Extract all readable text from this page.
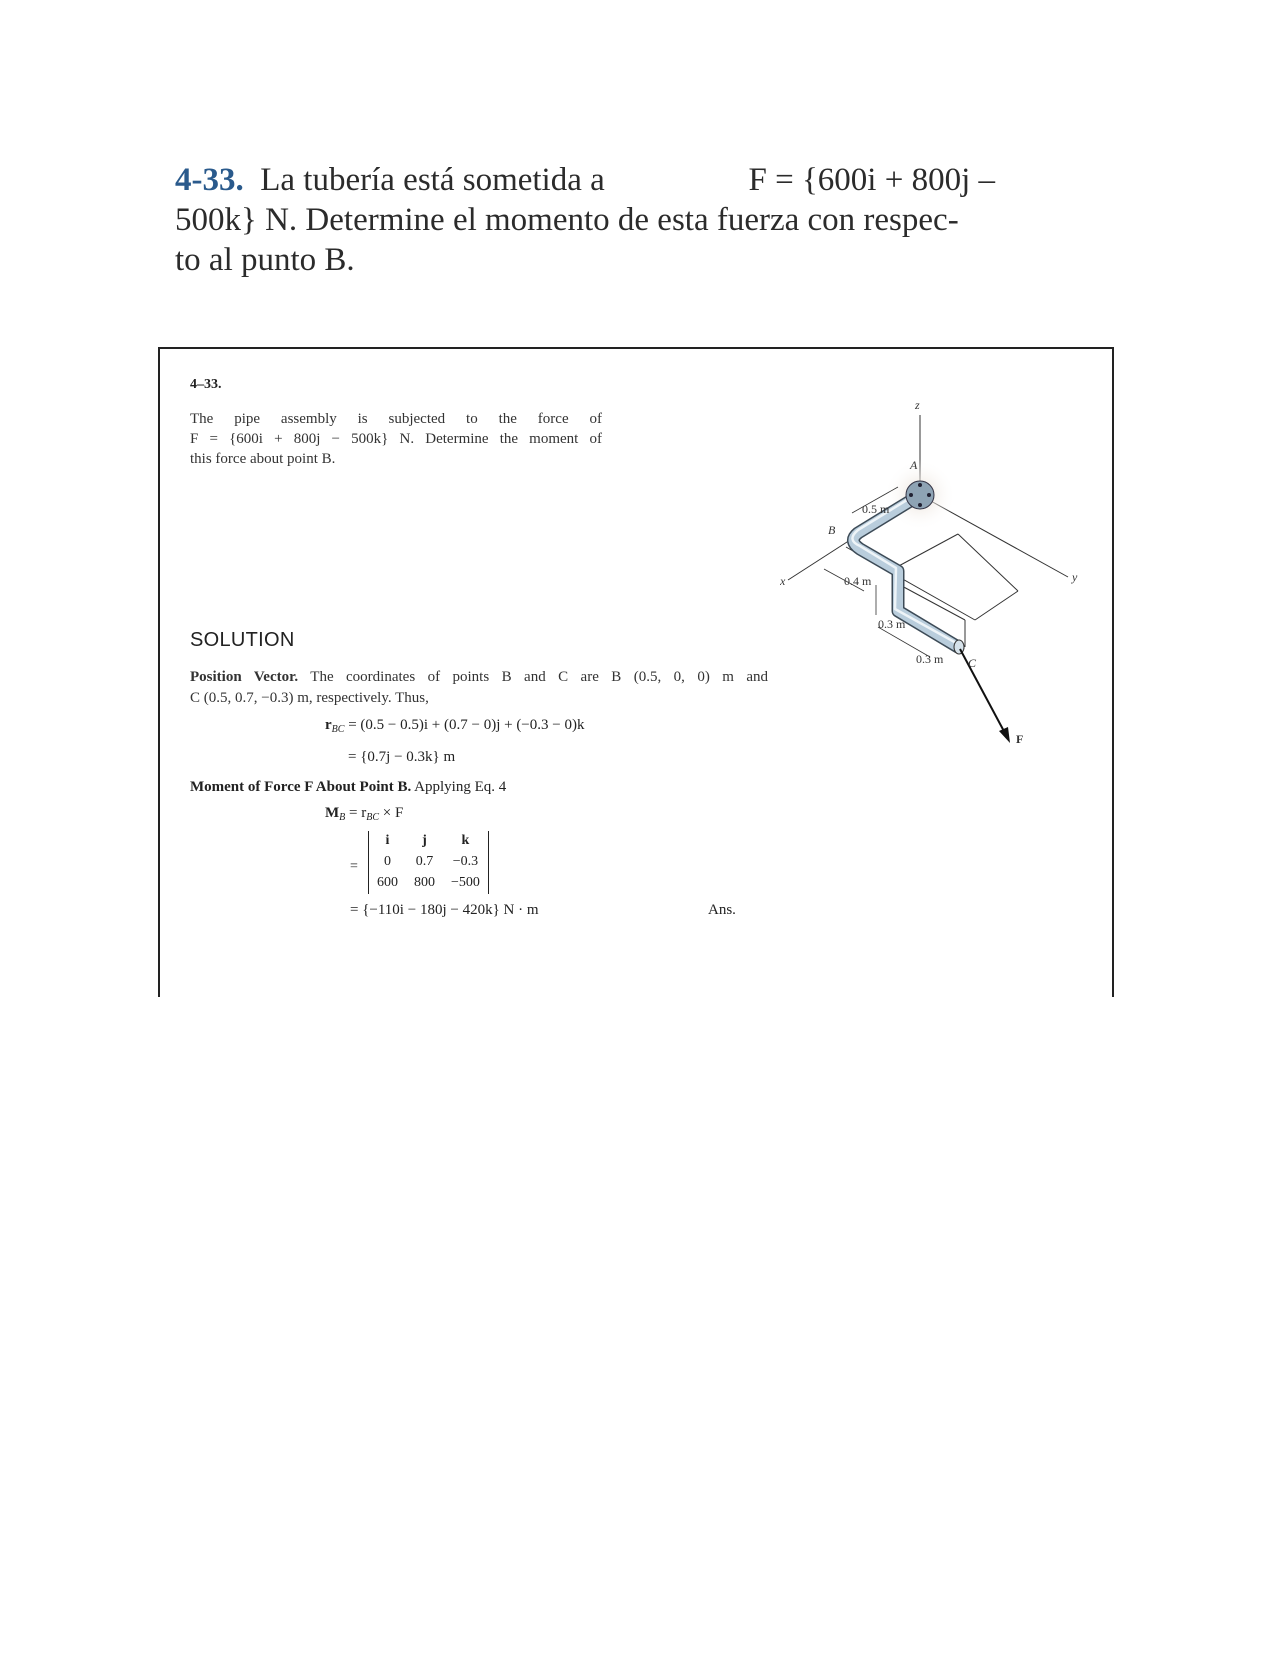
4-33. La tubería está sometida a	F = {600i + 800j –
500k} N. Determine el momento de esta fuerza con respec-
to al punto B.
4–33.
The pipe assembly is subjected to the force of
F = {600i + 800j − 500k} N. Determine the moment of
this force about point B.
SOLUTION
Position Vector. The coordinates of points B and C are B (0.5, 0, 0) m and
C (0.5, 0.7, −0.3) m, respectively. Thus,
$r_{BC} = (0.5 - 0.5)i + (0.7 - 0)j + (-0.3 - 0)k$
= {0.7j − 0.3k} m
Moment of Force F About Point B. Applying Eq. 4
$M_B = r_{BC} \times F$
=
i	j	k
0	0.7	−0.3
600	800	−500
= {−110i − 180j − 420k} N · m	Ans.
z
y
x
A
B
C
F
0.5 m
0.4 m
0.3 m
0.3 m
